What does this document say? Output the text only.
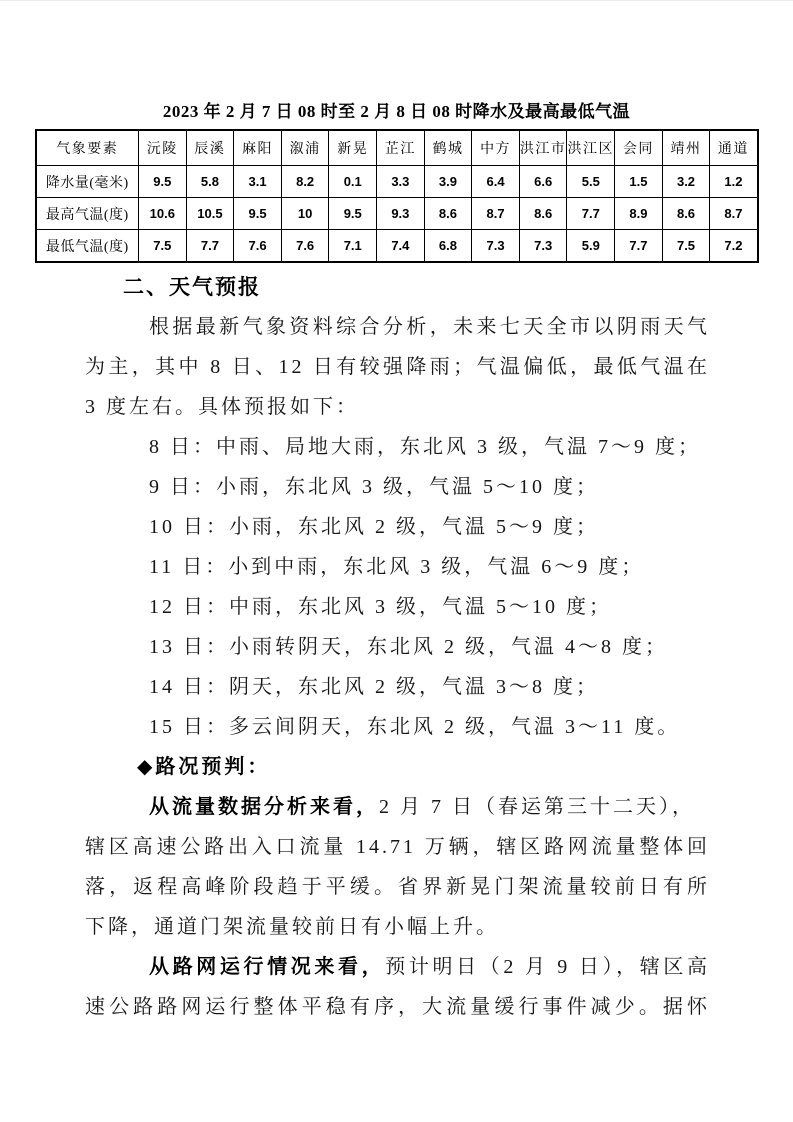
2023 年 2 月 7 日 08 时至 2 月 8 日 08 时降水及最高最低气温
气象要素	沅陵	辰溪	麻阳	溆浦	新晃	芷江	鹤城	中方	洪江市	洪江区	会同	靖州	通道
降水量(毫米)	9.5	5.8	3.1	8.2	0.1	3.3	3.9	6.4	6.6	5.5	1.5	3.2	1.2
最高气温(度)	10.6	10.5	9.5	10	9.5	9.3	8.6	8.7	8.6	7.7	8.9	8.6	8.7
最低气温(度)	7.5	7.7	7.6	7.6	7.1	7.4	6.8	7.3	7.3	5.9	7.7	7.5	7.2
二、天气预报
根据最新气象资料综合分析，未来七天全市以阴雨天气
为主，其中 8 日、12 日有较强降雨；气温偏低，最低气温在
3 度左右。具体预报如下：
8 日：中雨、局地大雨，东北风 3 级，气温 7～9 度；
9 日：小雨，东北风 3 级，气温 5～10 度；
10 日：小雨，东北风 2 级，气温 5～9 度；
11 日：小到中雨，东北风 3 级，气温 6～9 度；
12 日：中雨，东北风 3 级，气温 5～10 度；
13 日：小雨转阴天，东北风 2 级，气温 4～8 度；
14 日：阴天，东北风 2 级，气温 3～8 度；
15 日：多云间阴天，东北风 2 级，气温 3～11 度。
◆路况预判：
从流量数据分析来看，2 月 7 日（春运第三十二天），
辖区高速公路出入口流量 14.71 万辆，辖区路网流量整体回
落，返程高峰阶段趋于平缓。省界新晃门架流量较前日有所
下降，通道门架流量较前日有小幅上升。
从路网运行情况来看，预计明日（2 月 9 日），辖区高
速公路路网运行整体平稳有序，大流量缓行事件减少。据怀
